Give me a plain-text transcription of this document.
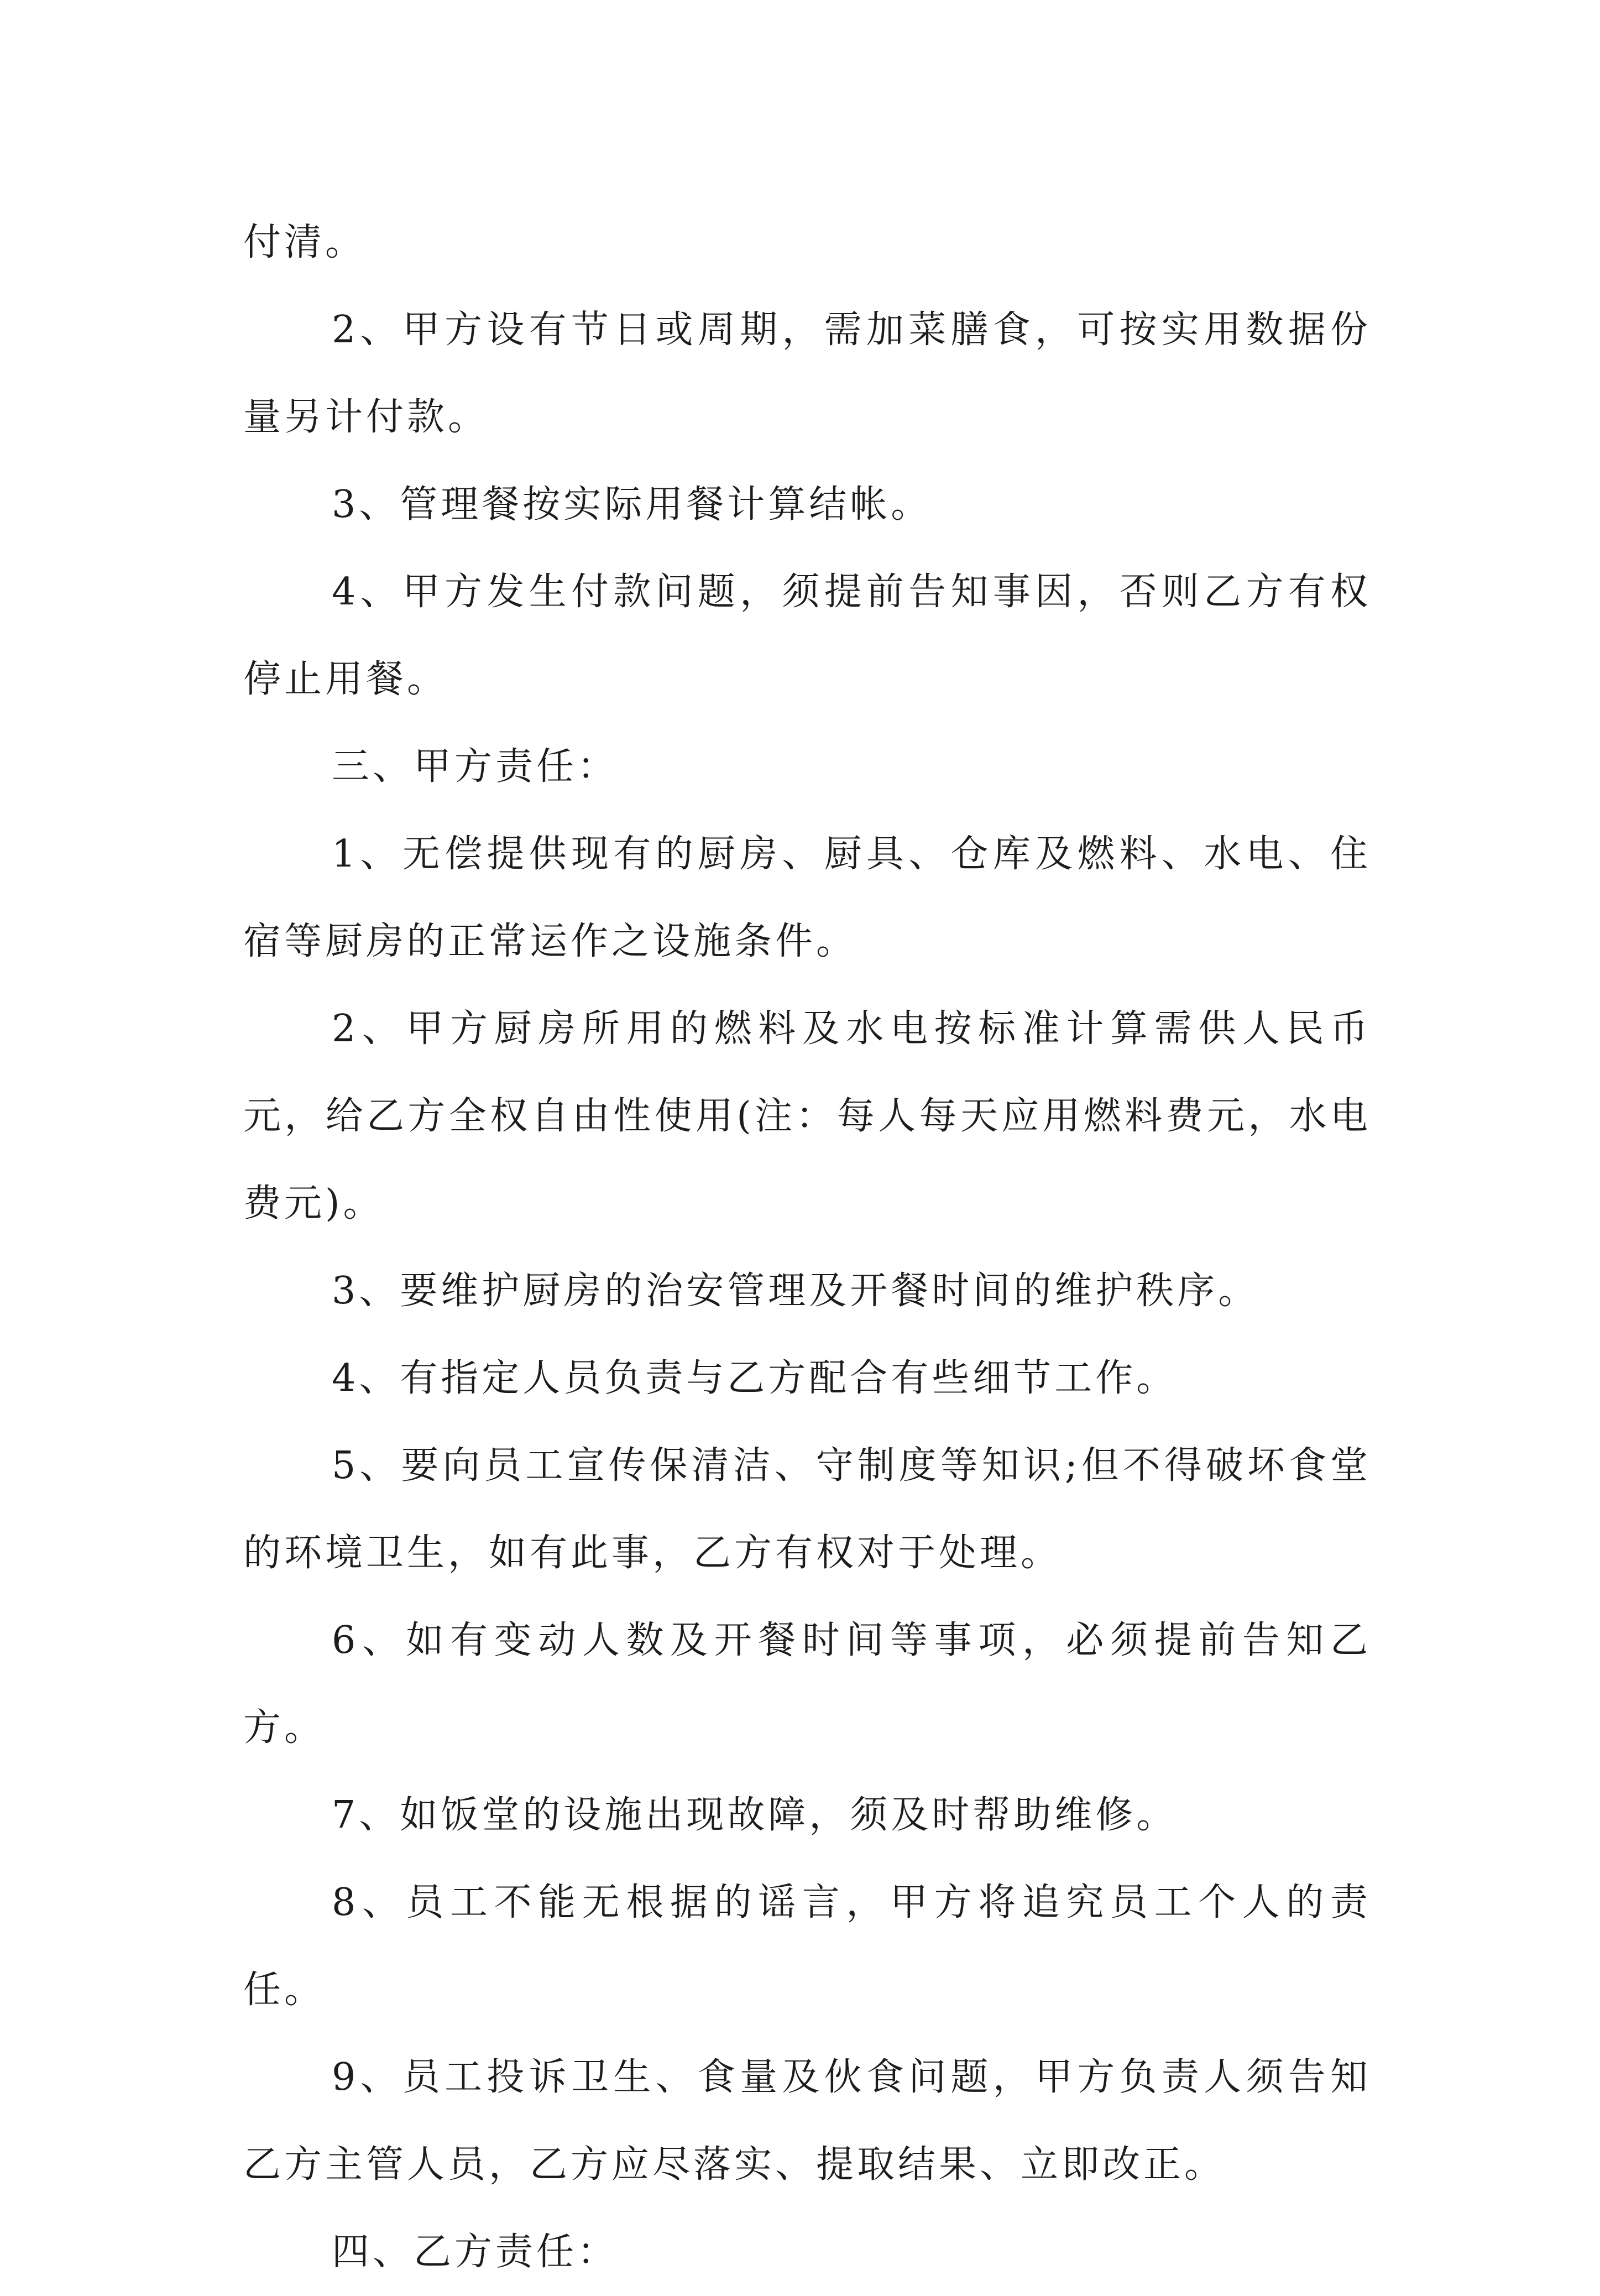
付清。

2、甲方设有节日或周期，需加菜膳食，可按实用数据份量另计付款。

3、管理餐按实际用餐计算结帐。

4、甲方发生付款问题，须提前告知事因，否则乙方有权停止用餐。

三、甲方责任：

1、无偿提供现有的厨房、厨具、仓库及燃料、水电、住宿等厨房的正常运作之设施条件。

2、甲方厨房所用的燃料及水电按标准计算需供人民币元，给乙方全权自由性使用(注：每人每天应用燃料费元，水电费元)。

3、要维护厨房的治安管理及开餐时间的维护秩序。

4、有指定人员负责与乙方配合有些细节工作。

5、要向员工宣传保清洁、守制度等知识;但不得破坏食堂的环境卫生，如有此事，乙方有权对于处理。

6、如有变动人数及开餐时间等事项，必须提前告知乙方。

7、如饭堂的设施出现故障，须及时帮助维修。

8、员工不能无根据的谣言，甲方将追究员工个人的责任。

9、员工投诉卫生、食量及伙食问题，甲方负责人须告知乙方主管人员，乙方应尽落实、提取结果、立即改正。

四、乙方责任：
